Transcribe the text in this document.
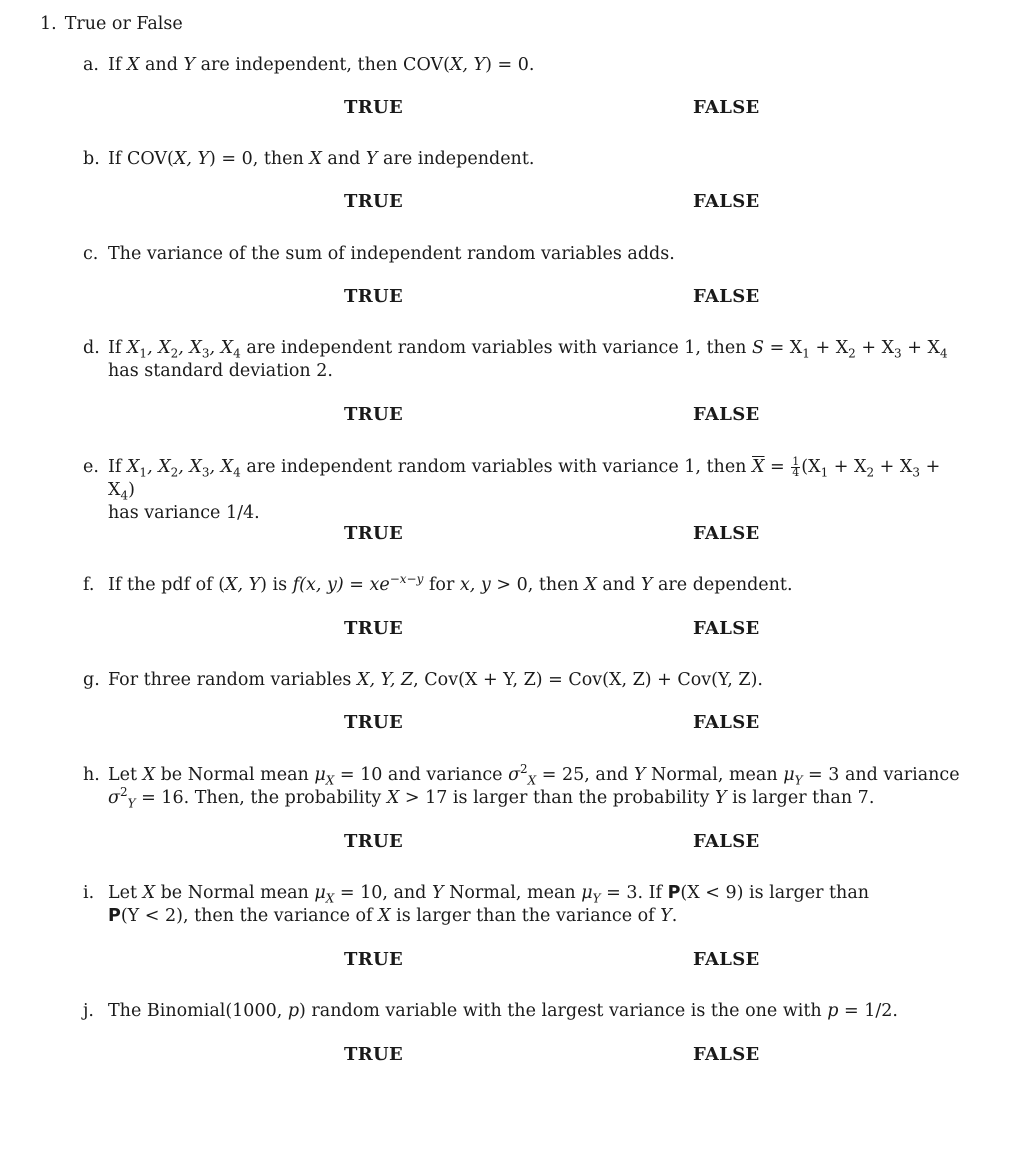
1. True or False
a. If X and Y are independent, then COV(X, Y) = 0.
TRUE	FALSE
b. If COV(X, Y) = 0, then X and Y are independent.
TRUE	FALSE
c. The variance of the sum of independent random variables adds.
TRUE	FALSE
d. If $X_1$, $X_2$, $X_3$, $X_4$ are independent random variables with variance 1, then $S = X_1 + X_2 + X_3 + X_4$ has standard deviation 2.
TRUE	FALSE
e. If $X_1$, $X_2$, $X_3$, $X_4$ are independent random variables with variance 1, then $\overline{X} = \frac{1}{4} (X_1 + X_2 + X_3 + X_4)$
has variance 1/4.
TRUE	FALSE
f. If the pdf of (X, Y) is f(x, $y) = xe^{-x-y}$ for x, y > 0, then X and Y are dependent.
TRUE	FALSE
g. For three random variables X, Y, Z, Cov(X + Y, Z) = Cov(X, Z) + Cov(Y, Z).
TRUE	FALSE
h. Let X be Normal mean $\mu_X = 10$ and variance $\sigma^2_X = 25$, and Y Normal, mean $\mu_Y = 3$ and variance
$\sigma^2_Y = 16$. Then, the probability X > 17 is larger than the probability Y is larger than 7.
TRUE	FALSE
i. Let X be Normal mean $\mu_X = 10$, and Y Normal, mean $\mu_Y = 3$. If P(X < 9) is larger than
P(Y < 2), then the variance of X is larger than the variance of Y.
TRUE	FALSE
j. The Binomial(1000, p) random variable with the largest variance is the one with p = 1/2.
TRUE	FALSE
